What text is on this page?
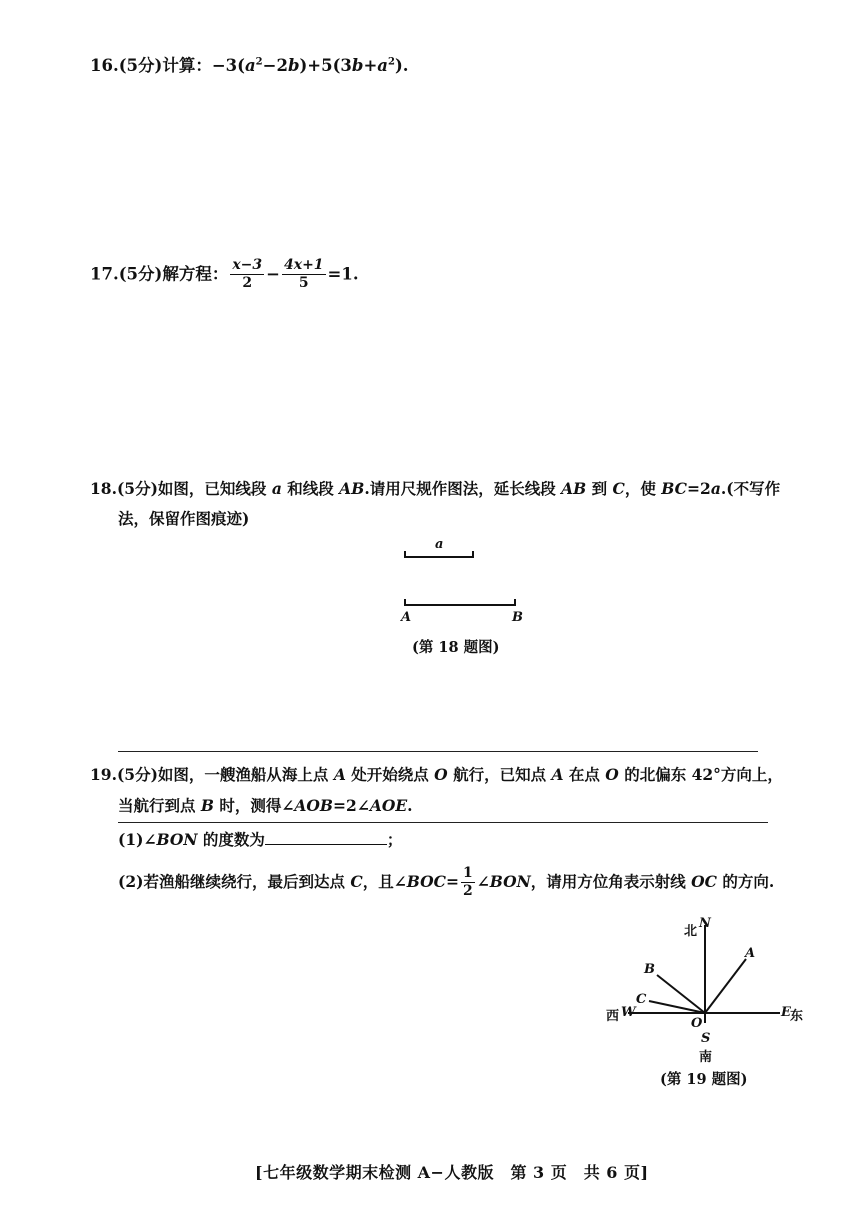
16.(5分)计算：$-3(a^2-2b)+5(3b+a^2)$.
17.(5分)解方程： $\frac{x-3}{2} - \frac{4x+1}{5} =1$.
18.(5分)如图，已知线段 a 和线段 AB.请用尺规作图法，延长线段 AB 到 C，使 BC=2a.(不写作
法，保留作图痕迹)
a
A	B
(第 18 题图)
19.(5分)如图，一艘渔船从海上点 A 处开始绕点 O 航行，已知点 A 在点 O 的北偏东 42°方向上，
当航行到点 B 时，测得∠AOB=2∠AOE.
(1)∠BON 的度数为	；
(2)若渔船继续绕行，最后到达点 C，且∠BOC= $\frac{1}{2}$ ∠BON，请用方位角表示射线 OC 的方向.
北
N
A
B
C
西 W
O
E 东
S
南
(第 19 题图)
[七年级数学期末检测 A−人教版　第 3 页　共 6 页]
